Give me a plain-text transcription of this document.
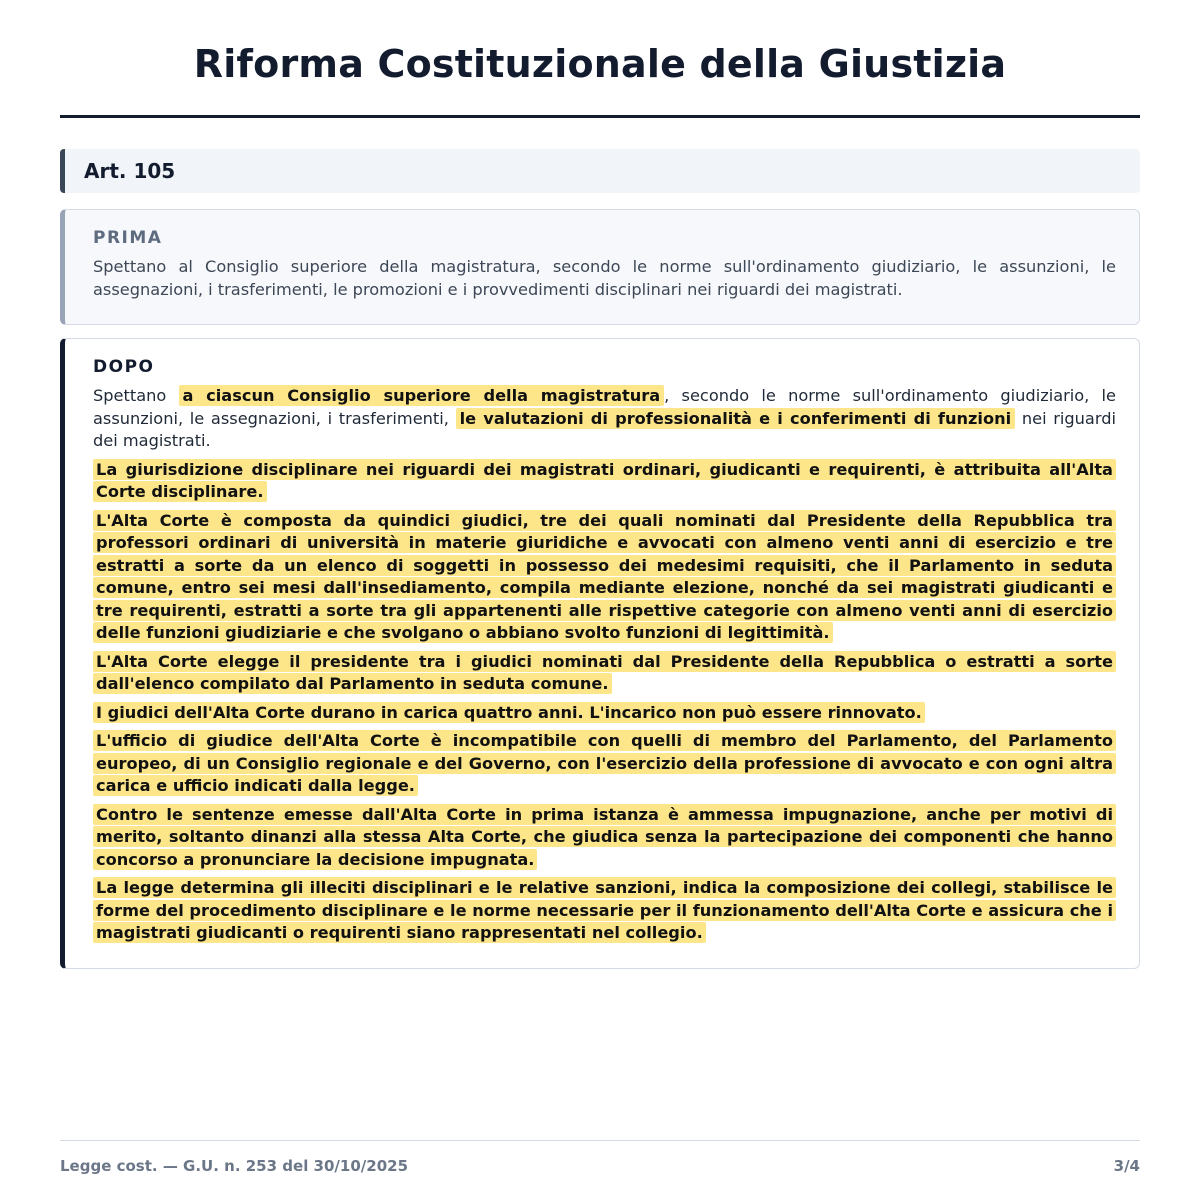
Riforma Costituzionale della Giustizia
Art. 105
PRIMA

Spettano al Consiglio superiore della magistratura, secondo le norme sull'ordinamento giudiziario, le assunzioni, le assegnazioni, i trasferimenti, le promozioni e i provvedimenti disciplinari nei riguardi dei magistrati.

DOPO

Spettano a ciascun Consiglio superiore della magistratura , secondo le norme sull'ordinamento giudiziario, le assunzioni, le assegnazioni, i trasferimenti, le valutazioni di professionalità e i conferimenti di funzioni nei riguardi dei magistrati.

La giurisdizione disciplinare nei riguardi dei magistrati ordinari, giudicanti e requirenti, è attribuita all'Alta Corte disciplinare.

L'Alta Corte è composta da quindici giudici, tre dei quali nominati dal Presidente della Repubblica tra professori ordinari di università in materie giuridiche e avvocati con almeno venti anni di esercizio e tre estratti a sorte da un elenco di soggetti in possesso dei medesimi requisiti, che il Parlamento in seduta comune, entro sei mesi dall'insediamento, compila mediante elezione, nonché da sei magistrati giudicanti e tre requirenti, estratti a sorte tra gli appartenenti alle rispettive categorie con almeno venti anni di esercizio delle funzioni giudiziarie e che svolgano o abbiano svolto funzioni di legittimità.

L'Alta Corte elegge il presidente tra i giudici nominati dal Presidente della Repubblica o estratti a sorte dall'elenco compilato dal Parlamento in seduta comune.

I giudici dell'Alta Corte durano in carica quattro anni. L'incarico non può essere rinnovato.

L'ufficio di giudice dell'Alta Corte è incompatibile con quelli di membro del Parlamento, del Parlamento europeo, di un Consiglio regionale e del Governo, con l'esercizio della professione di avvocato e con ogni altra carica e ufficio indicati dalla legge.

Contro le sentenze emesse dall'Alta Corte in prima istanza è ammessa impugnazione, anche per motivi di merito, soltanto dinanzi alla stessa Alta Corte, che giudica senza la partecipazione dei componenti che hanno concorso a pronunciare la decisione impugnata.

La legge determina gli illeciti disciplinari e le relative sanzioni, indica la composizione dei collegi, stabilisce le forme del procedimento disciplinare e le norme necessarie per il funzionamento dell'Alta Corte e assicura che i magistrati giudicanti o requirenti siano rappresentati nel collegio.

Legge cost. — G.U. n. 253 del 30/10/2025	3/4
